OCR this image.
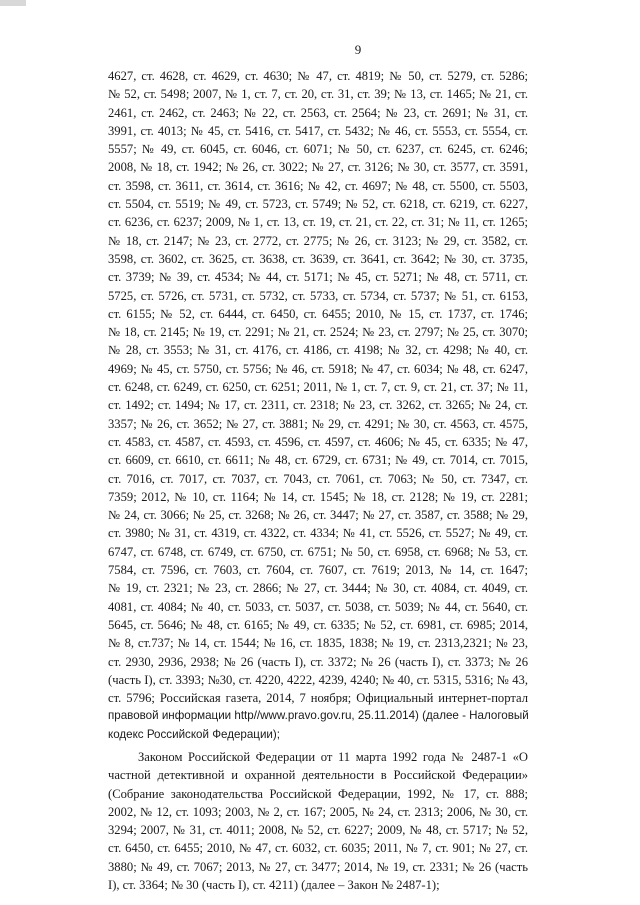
9
4627, ст. 4628, ст. 4629, ст. 4630; № 47, ст. 4819; № 50, ст. 5279, ст. 5286;
№ 52, ст. 5498; 2007, № 1, ст. 7, ст. 20, ст. 31, ст. 39; № 13, ст. 1465; № 21, ст.
2461, ст. 2462, ст. 2463; № 22, ст. 2563, ст. 2564; № 23, ст. 2691; № 31, ст.
3991, ст. 4013; № 45, ст. 5416, ст. 5417, ст. 5432; № 46, ст. 5553, ст. 5554, ст.
5557; № 49, ст. 6045, ст. 6046, ст. 6071; № 50, ст. 6237, ст. 6245, ст. 6246;
2008, № 18, ст. 1942; № 26, ст. 3022; № 27, ст. 3126; № 30, ст. 3577, ст. 3591,
ст. 3598, ст. 3611, ст. 3614, ст. 3616; № 42, ст. 4697; № 48, ст. 5500, ст. 5503,
ст. 5504, ст. 5519; № 49, ст. 5723, ст. 5749; № 52, ст. 6218, ст. 6219, ст. 6227,
ст. 6236, ст. 6237; 2009, № 1, ст. 13, ст. 19, ст. 21, ст. 22, ст. 31; № 11, ст. 1265;
№ 18, ст. 2147; № 23, ст. 2772, ст. 2775; № 26, ст. 3123; № 29, ст. 3582, ст.
3598, ст. 3602, ст. 3625, ст. 3638, ст. 3639, ст. 3641, ст. 3642; № 30, ст. 3735,
ст. 3739; № 39, ст. 4534; № 44, ст. 5171; № 45, ст. 5271; № 48, ст. 5711, ст.
5725, ст. 5726, ст. 5731, ст. 5732, ст. 5733, ст. 5734, ст. 5737; № 51, ст. 6153,
ст. 6155; № 52, ст. 6444, ст. 6450, ст. 6455; 2010, № 15, ст. 1737, ст. 1746;
№ 18, ст. 2145; № 19, ст. 2291; № 21, ст. 2524; № 23, ст. 2797; № 25, ст. 3070;
№ 28, ст. 3553; № 31, ст. 4176, ст. 4186, ст. 4198; № 32, ст. 4298; № 40, ст.
4969; № 45, ст. 5750, ст. 5756; № 46, ст. 5918; № 47, ст. 6034; № 48, ст. 6247,
ст. 6248, ст. 6249, ст. 6250, ст. 6251; 2011, № 1, ст. 7, ст. 9, ст. 21, ст. 37; № 11,
ст. 1492; ст. 1494; № 17, ст. 2311, ст. 2318; № 23, ст. 3262, ст. 3265; № 24, ст.
3357; № 26, ст. 3652; № 27, ст. 3881; № 29, ст. 4291; № 30, ст. 4563, ст. 4575,
ст. 4583, ст. 4587, ст. 4593, ст. 4596, ст. 4597, ст. 4606; № 45, ст. 6335; № 47,
ст. 6609, ст. 6610, ст. 6611; № 48, ст. 6729, ст. 6731; № 49, ст. 7014, ст. 7015,
ст. 7016, ст. 7017, ст. 7037, ст. 7043, ст. 7061, ст. 7063; № 50, ст. 7347, ст.
7359; 2012, № 10, ст. 1164; № 14, ст. 1545; № 18, ст. 2128; № 19, ст. 2281;
№ 24, ст. 3066; № 25, ст. 3268; № 26, ст. 3447; № 27, ст. 3587, ст. 3588; № 29,
ст. 3980; № 31, ст. 4319, ст. 4322, ст. 4334; № 41, ст. 5526, ст. 5527; № 49, ст.
6747, ст. 6748, ст. 6749, ст. 6750, ст. 6751; № 50, ст. 6958, ст. 6968; № 53, ст.
7584, ст. 7596, ст. 7603, ст. 7604, ст. 7607, ст. 7619; 2013, № 14, ст. 1647;
№ 19, ст. 2321; № 23, ст. 2866; № 27, ст. 3444; № 30, ст. 4084, ст. 4049, ст.
4081, ст. 4084; № 40, ст. 5033, ст. 5037, ст. 5038, ст. 5039; № 44, ст. 5640, ст.
5645, ст. 5646; № 48, ст. 6165; № 49, ст. 6335; № 52, ст. 6981, ст. 6985; 2014,
№ 8, ст.737; № 14, ст. 1544; № 16, ст. 1835, 1838; № 19, ст. 2313,2321; № 23,
ст. 2930, 2936, 2938; № 26 (часть I), ст. 3372; № 26 (часть I), ст. 3373; № 26
(часть I), ст. 3393; №30, ст. 4220, 4222, 4239, 4240; № 40, ст. 5315, 5316; № 43,
ст. 5796; Российская газета, 2014, 7 ноября; Официальный интернет-портал
правовой информации http//www.pravo.gov.ru, 25.11.2014) (далее - Налоговый
кодекс Российской Федерации);
Законом Российской Федерации от 11 марта 1992 года № 2487-1 «О
частной детективной и охранной деятельности в Российской Федерации»
(Собрание законодательства Российской Федерации, 1992, № 17, ст. 888;
2002, № 12, ст. 1093; 2003, № 2, ст. 167; 2005, № 24, ст. 2313; 2006, № 30, ст.
3294; 2007, № 31, ст. 4011; 2008, № 52, ст. 6227; 2009, № 48, ст. 5717; № 52,
ст. 6450, ст. 6455; 2010, № 47, ст. 6032, ст. 6035; 2011, № 7, ст. 901; № 27, ст.
3880; № 49, ст. 7067; 2013, № 27, ст. 3477; 2014, № 19, ст. 2331; № 26 (часть
I), ст. 3364; № 30 (часть I), ст. 4211) (далее – Закон № 2487-1);
